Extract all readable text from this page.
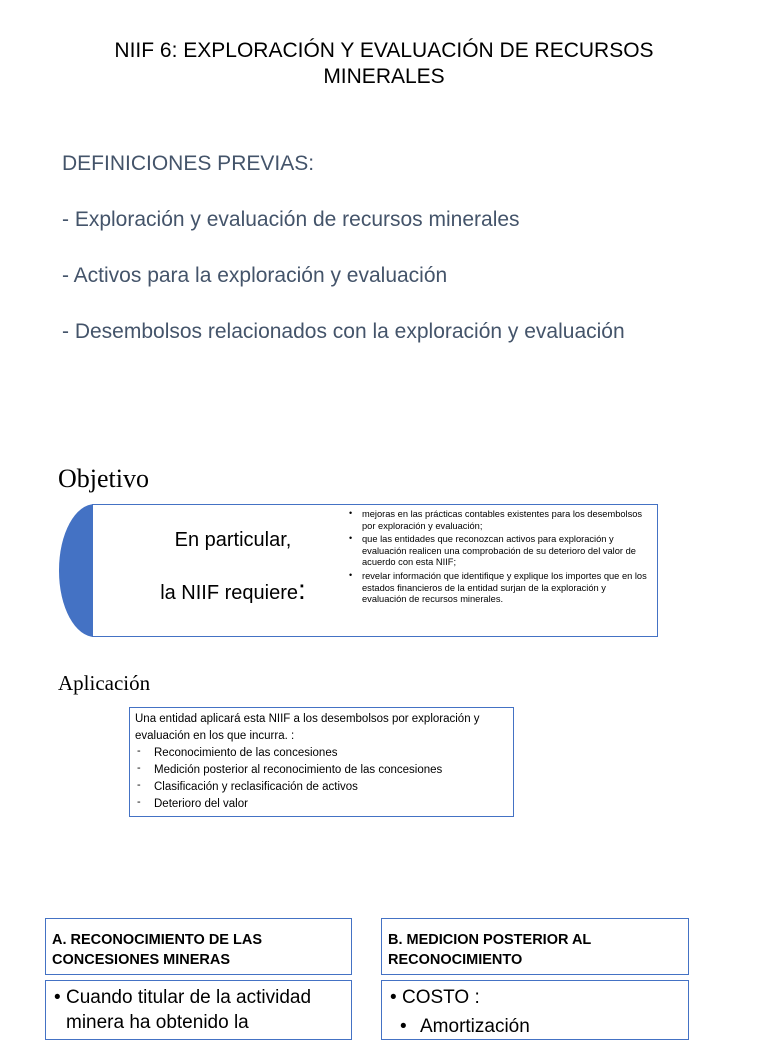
NIIF 6: EXPLORACIÓN Y EVALUACIÓN DE RECURSOS MINERALES
DEFINICIONES PREVIAS:
- Exploración y evaluación de recursos minerales
- Activos para la exploración y evaluación
- Desembolsos relacionados con la exploración y evaluación
Objetivo
En particular,
la NIIF requiere:
• mejoras en las prácticas contables existentes para los desembolsos por exploración y evaluación;
• que las entidades que reconozcan activos para exploración y evaluación realicen una comprobación de su deterioro del valor de acuerdo con esta NIIF;
• revelar información que identifique y explique los importes que en los estados financieros de la entidad surjan de la exploración y evaluación de recursos minerales.
Aplicación
Una entidad aplicará esta NIIF a los desembolsos por exploración y evaluación en los que incurra. :
- Reconocimiento de las concesiones
- Medición posterior al reconocimiento de las concesiones
- Clasificación y reclasificación de activos
- Deterioro del valor
A. RECONOCIMIENTO DE LAS CONCESIONES MINERAS
B. MEDICION POSTERIOR AL RECONOCIMIENTO
• Cuando titular de la actividad minera ha obtenido la
• COSTO :
• Amortización
